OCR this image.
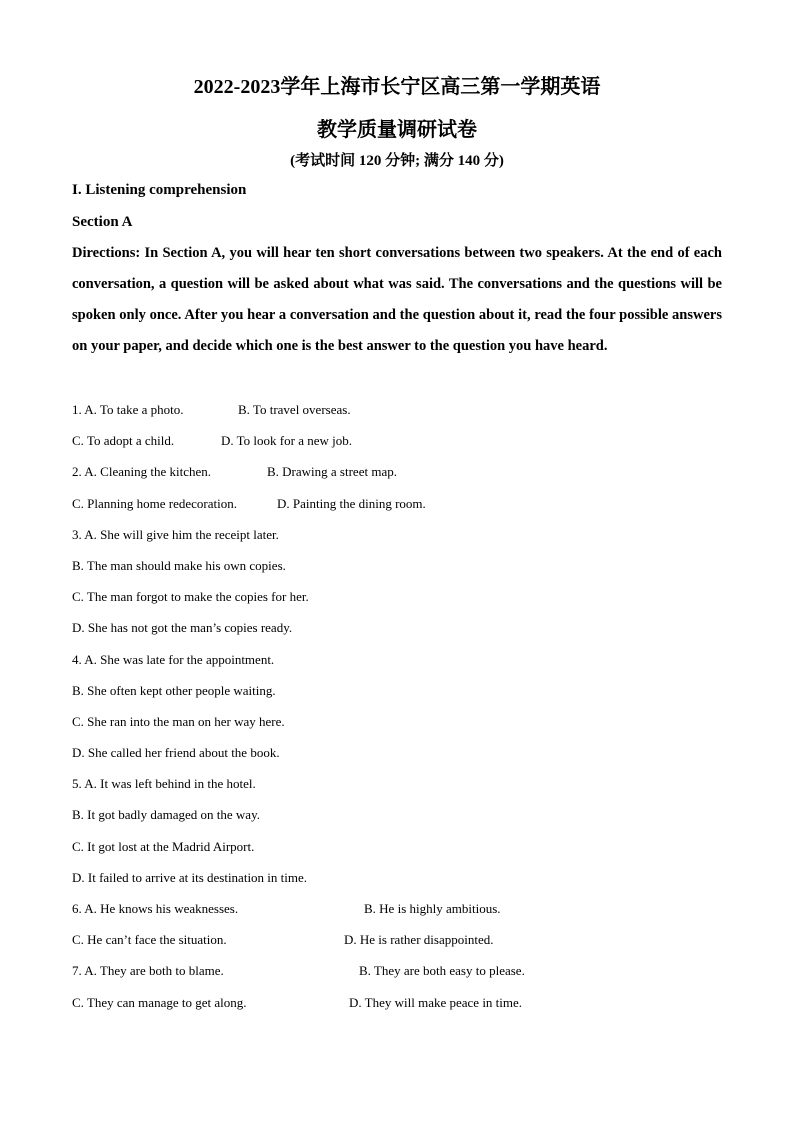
2022-2023学年上海市长宁区高三第一学期英语
教学质量调研试卷
(考试时间 120 分钟; 满分 140 分)
I. Listening comprehension
Section A
Directions: In Section A, you will hear ten short conversations between two speakers. At the end of each conversation, a question will be asked about what was said. The conversations and the questions will be spoken only once. After you hear a conversation and the question about it, read the four possible answers on your paper, and decide which one is the best answer to the question you have heard.
1. A. To take a photo.	B. To travel overseas.
C. To adopt a child.	D. To look for a new job.
2. A. Cleaning the kitchen.	B. Drawing a street map.
C. Planning home redecoration.	D. Painting the dining room.
3. A. She will give him the receipt later.
B. The man should make his own copies.
C. The man forgot to make the copies for her.
D. She has not got the man’s copies ready.
4. A. She was late for the appointment.
B. She often kept other people waiting.
C. She ran into the man on her way here.
D. She called her friend about the book.
5. A. It was left behind in the hotel.
B. It got badly damaged on the way.
C. It got lost at the Madrid Airport.
D. It failed to arrive at its destination in time.
6. A. He knows his weaknesses.	B. He is highly ambitious.
C. He can’t face the situation.	D. He is rather disappointed.
7. A. They are both to blame.	B. They are both easy to please.
C. They can manage to get along.	D. They will make peace in time.
